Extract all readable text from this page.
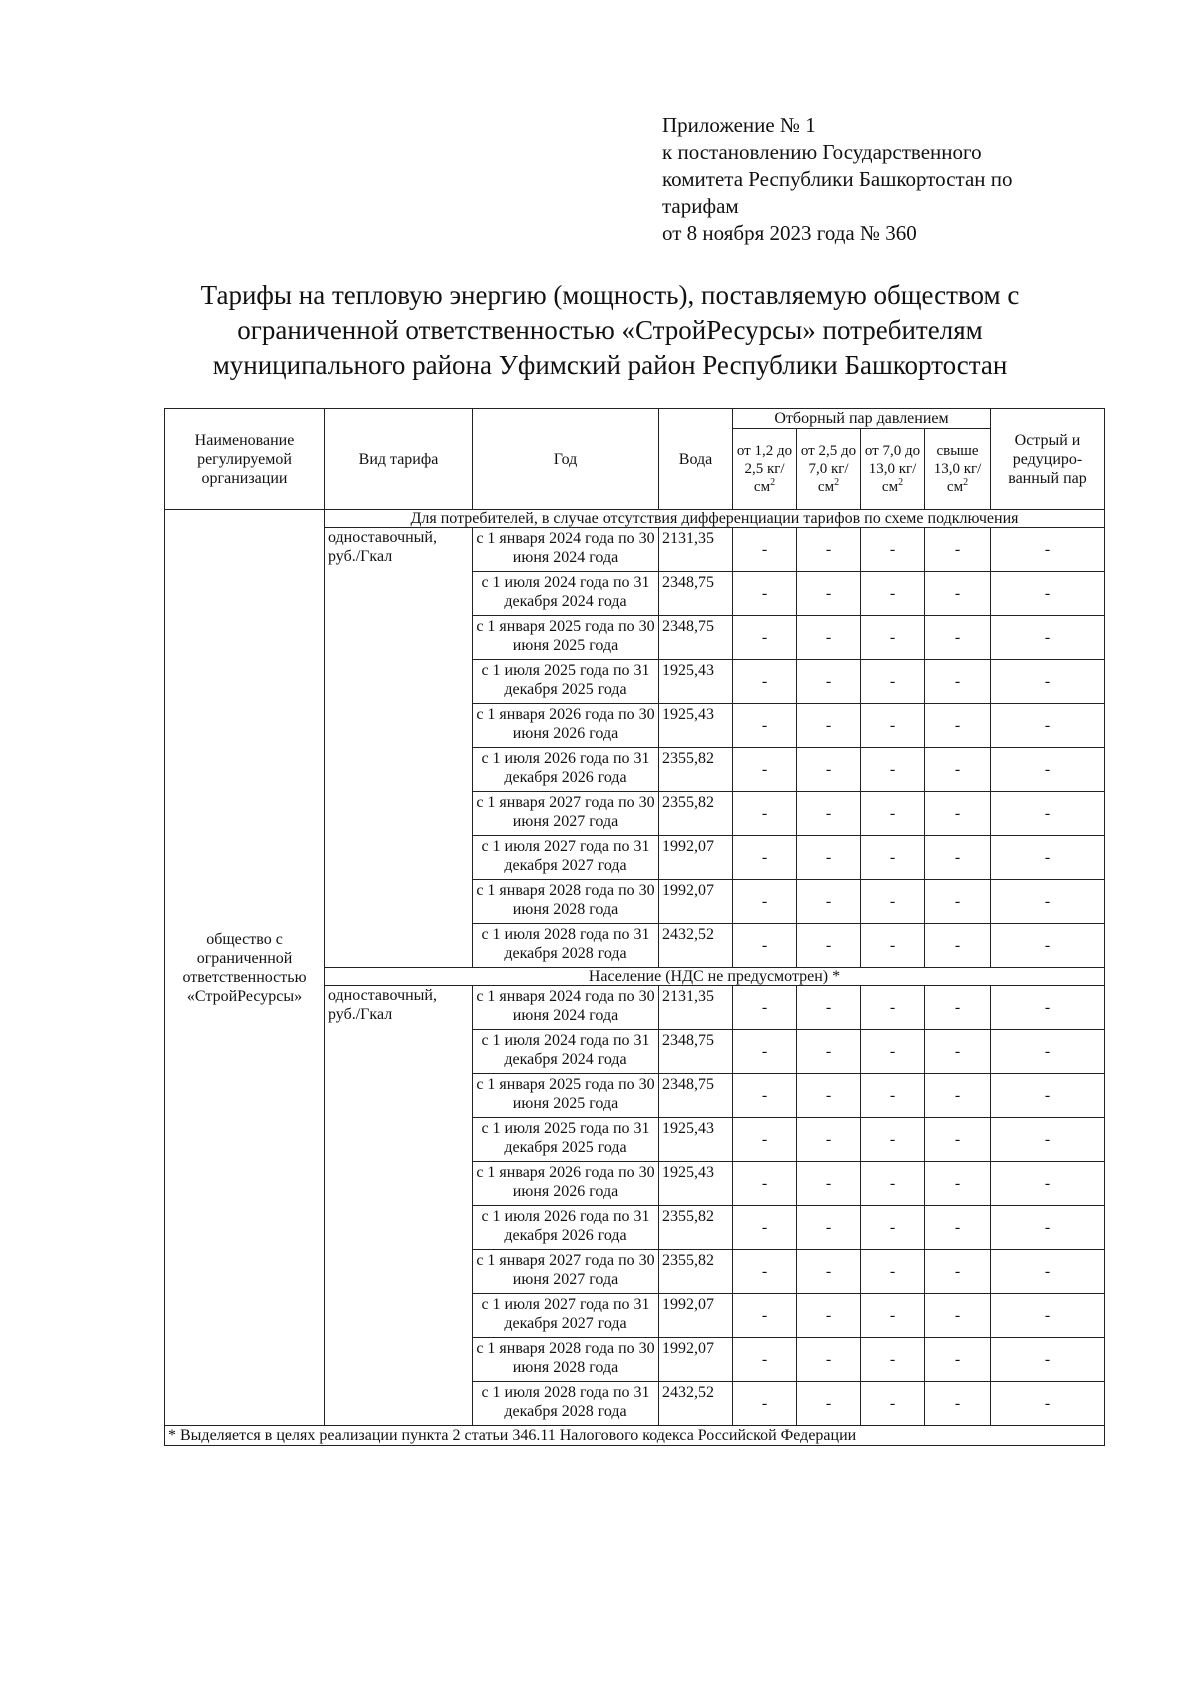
Приложение № 1
к постановлению Государственного
комитета Республики Башкортостан по
тарифам
от 8 ноября 2023 года № 360
Тарифы на тепловую энергию (мощность), поставляемую обществом с
ограниченной ответственностью «СтройРесурсы» потребителям
муниципального района Уфимский район Республики Башкортостан
Наименование регулируемой организации	Вид тарифа	Год	Вода	Отборный пар давлением				Острый и редуциро-ванный пар
				от 1,2 до 2,5 $кг/см^2$	от 2,5 до 7,0 $кг/см^2$	от 7,0 до 13,0 $кг/см^2$	свыше 13,0 $кг/см^2$
общество с ограниченной ответственностью «СтройРесурсы»	Для потребителей, в случае отсутствия дифференциации тарифов по схеме подключения							
	одноставочный, руб./Гкал	с 1 января 2024 года по 30 июня 2024 года	2131,35	-	-	-	-	-
		с 1 июля 2024 года по 31 декабря 2024 года	2348,75	-	-	-	-	-
		с 1 января 2025 года по 30 июня 2025 года	2348,75	-	-	-	-	-
		с 1 июля 2025 года по 31 декабря 2025 года	1925,43	-	-	-	-	-
		с 1 января 2026 года по 30 июня 2026 года	1925,43	-	-	-	-	-
		с 1 июля 2026 года по 31 декабря 2026 года	2355,82	-	-	-	-	-
		с 1 января 2027 года по 30 июня 2027 года	2355,82	-	-	-	-	-
		с 1 июля 2027 года по 31 декабря 2027 года	1992,07	-	-	-	-	-
		с 1 января 2028 года по 30 июня 2028 года	1992,07	-	-	-	-	-
		с 1 июля 2028 года по 31 декабря 2028 года	2432,52	-	-	-	-	-
	Население (НДС не предусмотрен) *							
	одноставочный, руб./Гкал	с 1 января 2024 года по 30 июня 2024 года	2131,35	-	-	-	-	-
		с 1 июля 2024 года по 31 декабря 2024 года	2348,75	-	-	-	-	-
		с 1 января 2025 года по 30 июня 2025 года	2348,75	-	-	-	-	-
		с 1 июля 2025 года по 31 декабря 2025 года	1925,43	-	-	-	-	-
		с 1 января 2026 года по 30 июня 2026 года	1925,43	-	-	-	-	-
		с 1 июля 2026 года по 31 декабря 2026 года	2355,82	-	-	-	-	-
		с 1 января 2027 года по 30 июня 2027 года	2355,82	-	-	-	-	-
		с 1 июля 2027 года по 31 декабря 2027 года	1992,07	-	-	-	-	-
		с 1 января 2028 года по 30 июня 2028 года	1992,07	-	-	-	-	-
		с 1 июля 2028 года по 31 декабря 2028 года	2432,52	-	-	-	-	-
* Выделяется в целях реализации пункта 2 статьи 346.11 Налогового кодекса Российской Федерации								
